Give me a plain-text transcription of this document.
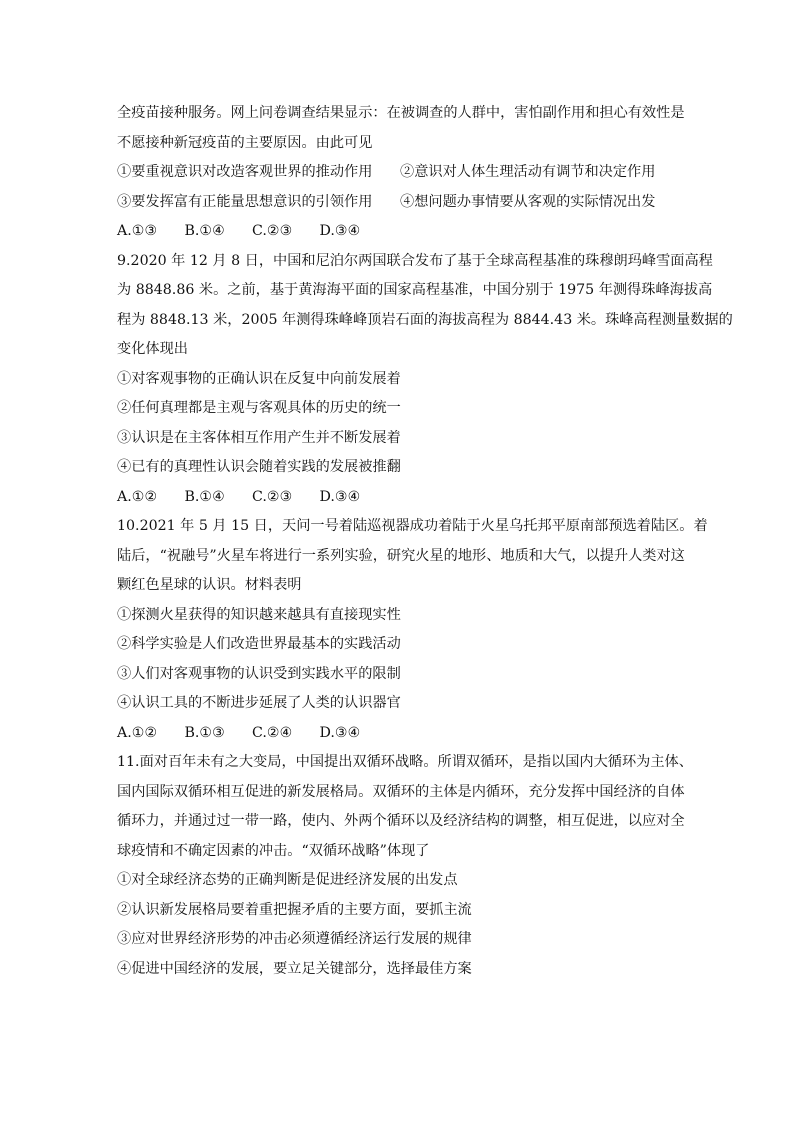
全疫苗接种服务。网上问卷调查结果显示：在被调查的人群中，害怕副作用和担心有效性是
不愿接种新冠疫苗的主要原因。由此可见
①要重视意识对改造客观世界的推动作用	②意识对人体生理活动有调节和决定作用
③要发挥富有正能量思想意识的引领作用	④想问题办事情要从客观的实际情况出发
A.①③	B.①④	C.②③	D.③④
9.2020 年 12 月 8 日，中国和尼泊尔两国联合发布了基于全球高程基准的珠穆朗玛峰雪面高程
为 8848.86 米。之前，基于黄海海平面的国家高程基准，中国分别于 1975 年测得珠峰海拔高
程为 8848.13 米，2005 年测得珠峰峰顶岩石面的海拔高程为 8844.43 米。珠峰高程测量数据的
变化体现出
①对客观事物的正确认识在反复中向前发展着
②任何真理都是主观与客观具体的历史的统一
③认识是在主客体相互作用产生并不断发展着
④已有的真理性认识会随着实践的发展被推翻
A.①②	B.①④	C.②③	D.③④
10.2021 年 5 月 15 日，天问一号着陆巡视器成功着陆于火星乌托邦平原南部预选着陆区。着
陆后，“祝融号”火星车将进行一系列实验，研究火星的地形、地质和大气，以提升人类对这
颗红色星球的认识。材料表明
①探测火星获得的知识越来越具有直接现实性
②科学实验是人们改造世界最基本的实践活动
③人们对客观事物的认识受到实践水平的限制
④认识工具的不断进步延展了人类的认识器官
A.①②	B.①③	C.②④	D.③④
11.面对百年未有之大变局，中国提出双循环战略。所谓双循环，是指以国内大循环为主体、
国内国际双循环相互促进的新发展格局。双循环的主体是内循环，充分发挥中国经济的自体
循环力，并通过过一带一路，使内、外两个循环以及经济结构的调整，相互促进，以应对全
球疫情和不确定因素的冲击。“双循环战略”体现了
①对全球经济态势的正确判断是促进经济发展的出发点
②认识新发展格局要着重把握矛盾的主要方面，要抓主流
③应对世界经济形势的冲击必须遵循经济运行发展的规律
④促进中国经济的发展，要立足关键部分，选择最佳方案
